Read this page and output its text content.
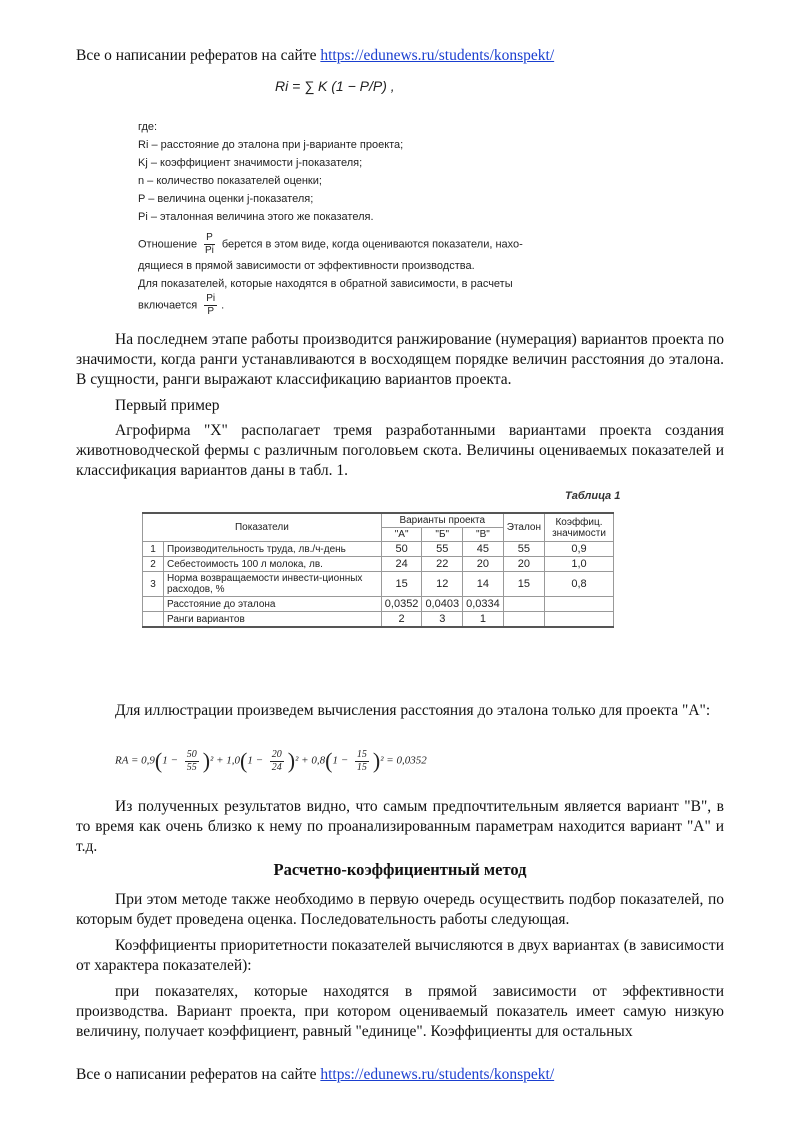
Все о написании рефератов на сайте https://edunews.ru/students/konspekt/
Ri = ∑ K (1 − P/P) ,
где:
Ri – расстояние до эталона при j-варианте проекта;
Kj – коэффициент значимости j-показателя;
n – количество показателей оценки;
P – величина оценки j-показателя;
Pi – эталонная величина этого же показателя.
Отношение $\frac{P}{Pi}$ берется в этом виде, когда оцениваются показатели, нахо-
дящиеся в прямой зависимости от эффективности производства.
Для показателей, которые находятся в обратной зависимости, в расчеты
включается $\frac{Pi}{P}$ .
На последнем этапе работы производится ранжирование (нумерация) вариантов проекта по значимости, когда ранги устанавливаются в восходящем порядке величин расстояния до эталона. В сущности, ранги выражают классификацию вариантов проекта.
Первый пример
Агрофирма "Х" располагает тремя разработанными вариантами проекта создания животноводческой фермы с различным поголовьем скота. Величины оцениваемых показателей и классификация вариантов даны в табл. 1.
Таблица 1
Показатели		Варианты проекта			Эталон	Коэффиц. значимости
		"А"	"Б"	"В"		
1	Производительность труда, лв./ч-день	50	55	45	55	0,9
2	Себестоимость 100 л молока, лв.	24	22	20	20	1,0
3	Норма возвращаемости инвести-ционных расходов, %	15	12	14	15	0,8
	Расстояние до эталона	0,0352	0,0403	0,0334		
	Ранги вариантов	2	3	1		
Для иллюстрации произведем вычисления расстояния до эталона только для проекта "А":
RA = $0,9(1 - \frac{50}{55} )^2 + 1,0(1 - \frac{20}{24} )^2 + 0,8(1 - \frac{15}{15} )^2 = 0,0352$
Из полученных результатов видно, что самым предпочтительным является вариант "В", в то время как очень близко к нему по проанализированным параметрам находится вариант "А" и т.д.
Расчетно-коэффициентный метод
При этом методе также необходимо в первую очередь осуществить подбор показателей, по которым будет проведена оценка. Последовательность работы следующая.
Коэффициенты приоритетности показателей вычисляются в двух вариантах (в зависимости от характера показателей):
при показателях, которые находятся в прямой зависимости от эффективности производства. Вариант проекта, при котором оцениваемый показатель имеет самую низкую величину, получает коэффициент, равный "единице". Коэффициенты для остальных
Все о написании рефератов на сайте https://edunews.ru/students/konspekt/
